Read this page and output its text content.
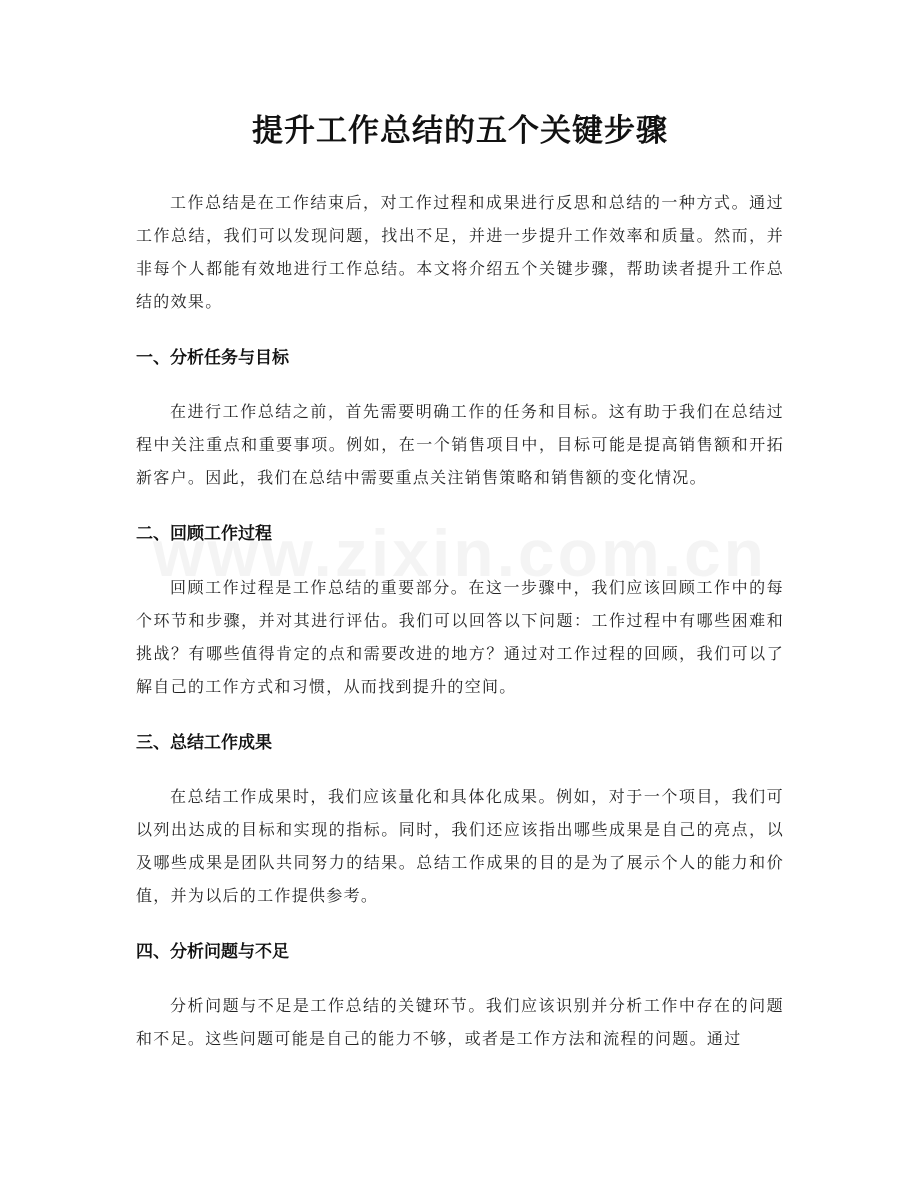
提升工作总结的五个关键步骤

工作总结是在工作结束后，对工作过程和成果进行反思和总结的一种方式。通过工作总结，我们可以发现问题，找出不足，并进一步提升工作效率和质量。然而，并非每个人都能有效地进行工作总结。本文将介绍五个关键步骤，帮助读者提升工作总结的效果。

一、分析任务与目标

在进行工作总结之前，首先需要明确工作的任务和目标。这有助于我们在总结过程中关注重点和重要事项。例如，在一个销售项目中，目标可能是提高销售额和开拓新客户。因此，我们在总结中需要重点关注销售策略和销售额的变化情况。

二、回顾工作过程

回顾工作过程是工作总结的重要部分。在这一步骤中，我们应该回顾工作中的每个环节和步骤，并对其进行评估。我们可以回答以下问题：工作过程中有哪些困难和挑战？有哪些值得肯定的点和需要改进的地方？通过对工作过程的回顾，我们可以了解自己的工作方式和习惯，从而找到提升的空间。

三、总结工作成果

在总结工作成果时，我们应该量化和具体化成果。例如，对于一个项目，我们可以列出达成的目标和实现的指标。同时，我们还应该指出哪些成果是自己的亮点，以及哪些成果是团队共同努力的结果。总结工作成果的目的是为了展示个人的能力和价值，并为以后的工作提供参考。

四、分析问题与不足

分析问题与不足是工作总结的关键环节。我们应该识别并分析工作中存在的问题和不足。这些问题可能是自己的能力不够，或者是工作方法和流程的问题。通过
